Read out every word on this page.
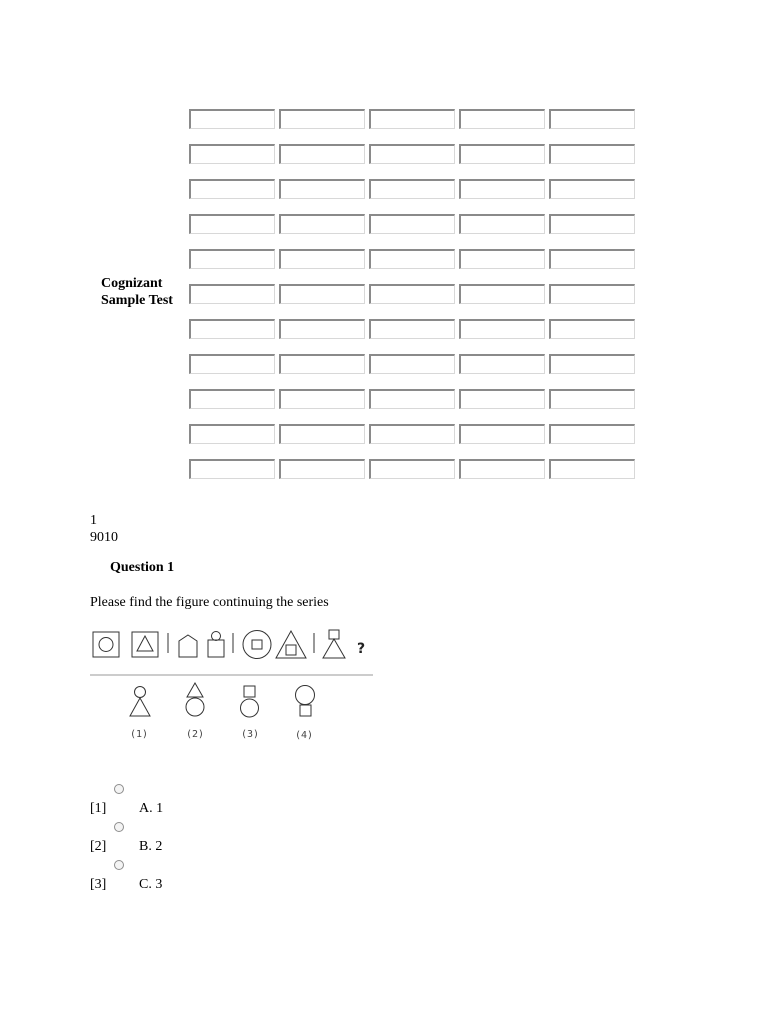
Cognizant
Sample Test
1
9010
Question 1
Please find the figure continuing the series
?
(1)	(2)	(3)	(4)
[1] A. 1
[2] B. 2
[3] C. 3
